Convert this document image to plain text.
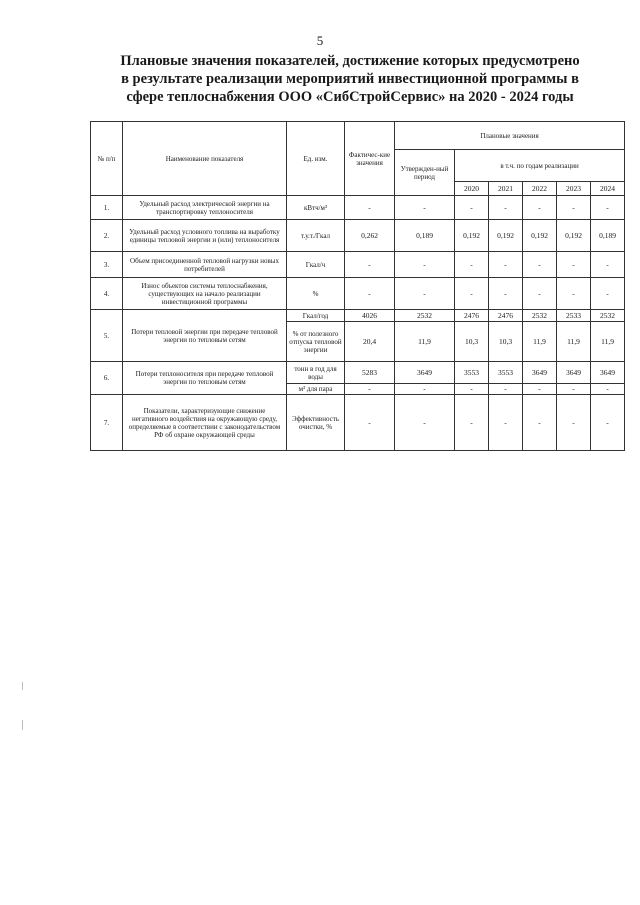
5
Плановые значения показателей, достижение которых предусмотрено
в результате реализации мероприятий инвестиционной программы в
сфере теплоснабжения ООО «СибСтройСервис» на 2020 - 2024 годы
№ п/п	Наименование показателя	Ед. изм.	Фактичес-кие значения	Плановые значения					
				Утвержден-ный период	в т.ч. по годам реализации				
					2020	2021	2022	2023	2024
1.	Удельный расход электрической энергии на транспортировку теплоносителя	кВтч/м³	-	-	-	-	-	-	-
2.	Удельный расход условного топлива на выработку единицы тепловой энергии и (или) теплоносителя	т.у.т./Гкал	0,262	0,189	0,192	0,192	0,192	0,192	0,189
3.	Объем присоединенной тепловой нагрузки новых потребителей	Гкал/ч	-	-	-	-	-	-	-
4.	Износ объектов системы теплоснабжения, существующих на начало реализации инвестиционной программы	%	-	-	-	-	-	-	-
5.	Потери тепловой энергии при передаче тепловой энергии по тепловым сетям	Гкал/год	4026	2532	2476	2476	2532	2533	2532
		% от полезного отпуска тепловой энергии	20,4	11,9	10,3	10,3	11,9	11,9	11,9
6.	Потери теплоносителя при передаче тепловой энергии по тепловым сетям	тонн в год для воды	5283	3649	3553	3553	3649	3649	3649
		м³ для пара	-	-	-	-	-	-	-
7.	Показатели, характеризующие снижение негативного воздействия на окружающую среду, определяемые в соответствии с законодательством РФ об охране окружающей среды	Эффективность очистки, %	-	-	-	-	-	-	-
